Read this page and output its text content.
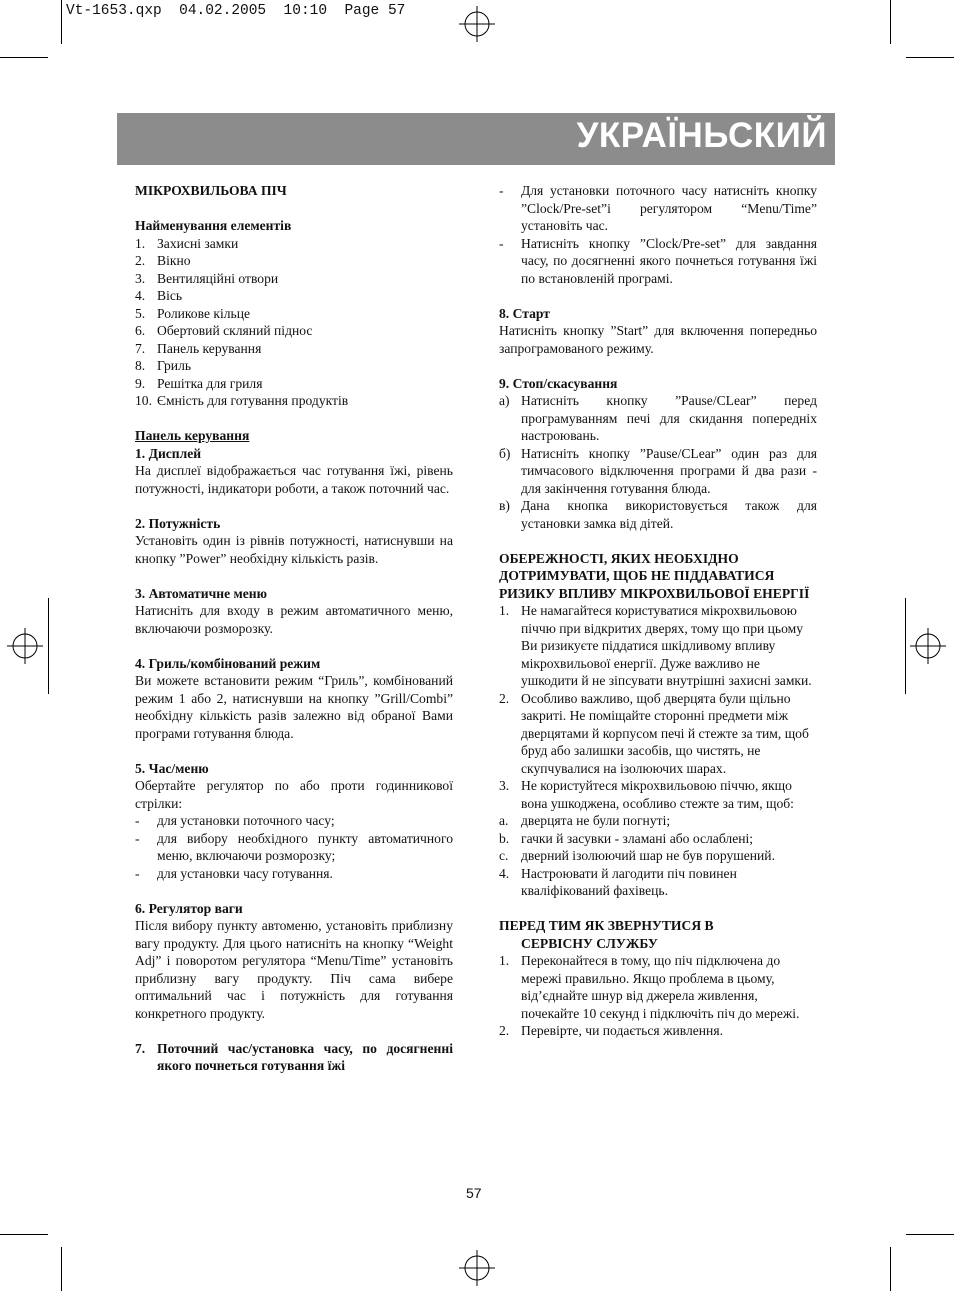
Vt-1653.qxp  04.02.2005  10:10  Page 57
УКРАЇНЬСКИЙ

МІКРОХВИЛЬОВА ПІЧ

Найменування елементів

1. Захисні замки
2. Вікно
3. Вентиляційні отвори
4. Вісь
5. Роликове кільце
6. Обертовий скляний піднос
7. Панель керування
8. Гриль
9. Решітка для гриля
10. Ємність для готування продуктів

Панель керування

1. Дисплей

На дисплеї відображається час готування їжі, рівень потужності, індикатори роботи, а також поточний час.

2. Потужність

Установіть один із рівнів потужності, натиснувши на кнопку ”Power” необхідну кількість разів.

3. Автоматичне меню

Натисніть для входу в режим автоматичного меню, включаючи розморозку.

4. Гриль/комбінований режим

Ви можете встановити режим “Гриль”, комбінований режим 1 або 2, натиснувши на кнопку ”Grill/Combi” необхідну кількість разів залежно від обраної Вами програми готування блюда.

5. Час/меню

Обертайте регулятор по або проти годинникової стрілки:

- для установки поточного часу;
- для вибору необхідного пункту автоматичного меню, включаючи розморозку;
- для установки часу готування.

6. Регулятор ваги

Після вибору пункту автоменю, установіть приблизну вагу продукту. Для цього натисніть на кнопку “Weight Adj” і поворотом регулятора “Menu/Time” установіть приблизну вагу продукту. Піч сама вибере оптимальний час і потужність для готування конкретного продукту.

7. Поточний час/установка часу, по досягненні якого почнеться готування їжі
- Для установки поточного часу натисніть кнопку ”Clock/Pre-set”і регулятором “Menu/Time” установіть час.
- Натисніть кнопку ”Clock/Pre-set” для завдання часу, по досягненні якого почнеться готування їжі по встановленій програмі.

8. Старт

Натисніть кнопку ”Start” для включення попередньо запрограмованого режиму.

9. Стоп/скасування

а) Натисніть кнопку ”Pause/CLear” перед програмуванням печі для скидання попередніх настроювань.
б) Натисніть кнопку ”Pause/CLear” один раз для тимчасового відключення програми й два рази - для закінчення готування блюда.
в) Дана кнопка використовується також для установки замка від дітей.

ОБЕРЕЖНОСТІ, ЯКИХ НЕОБХІДНО ДОТРИМУВАТИ, ЩОБ НЕ ПІДДАВАТИСЯ РИЗИКУ ВПЛИВУ МІКРОХВИЛЬОВОЇ ЕНЕРГІЇ

1. Не намагайтеся користуватися мікрохвильовою піччю при відкритих дверях, тому що при цьому Ви ризикуєте піддатися шкідливому впливу мікрохвильової енергії. Дуже важливо не ушкодити й не зіпсувати внутрішні захисні замки.
2. Особливо важливо, щоб дверцята були щільно закриті. Не поміщайте сторонні предмети між дверцятами й корпусом печі й стежте за тим, щоб бруд або залишки засобів, що чистять, не скупчувалися на ізолюючих шарах.
3. Не користуйтеся мікрохвильовою піччю, якщо вона ушкоджена, особливо стежте за тим, щоб:
a. дверцята не були погнуті;
b. гачки й засувки - зламані або ослаблені;
c. дверний ізолюючий шар не був порушений.
4. Настроювати й лагодити піч повинен кваліфікований фахівець.

ПЕРЕД ТИМ ЯК ЗВЕРНУТИСЯ В
СЕРВІСНУ СЛУЖБУ

1. Переконайтеся в тому, що піч підключена до мережі правильно. Якщо проблема в цьому, від’єднайте шнур від джерела живлення, почекайте 10 секунд і підключіть піч до мережі.
2. Перевірте, чи подається живлення.
57
